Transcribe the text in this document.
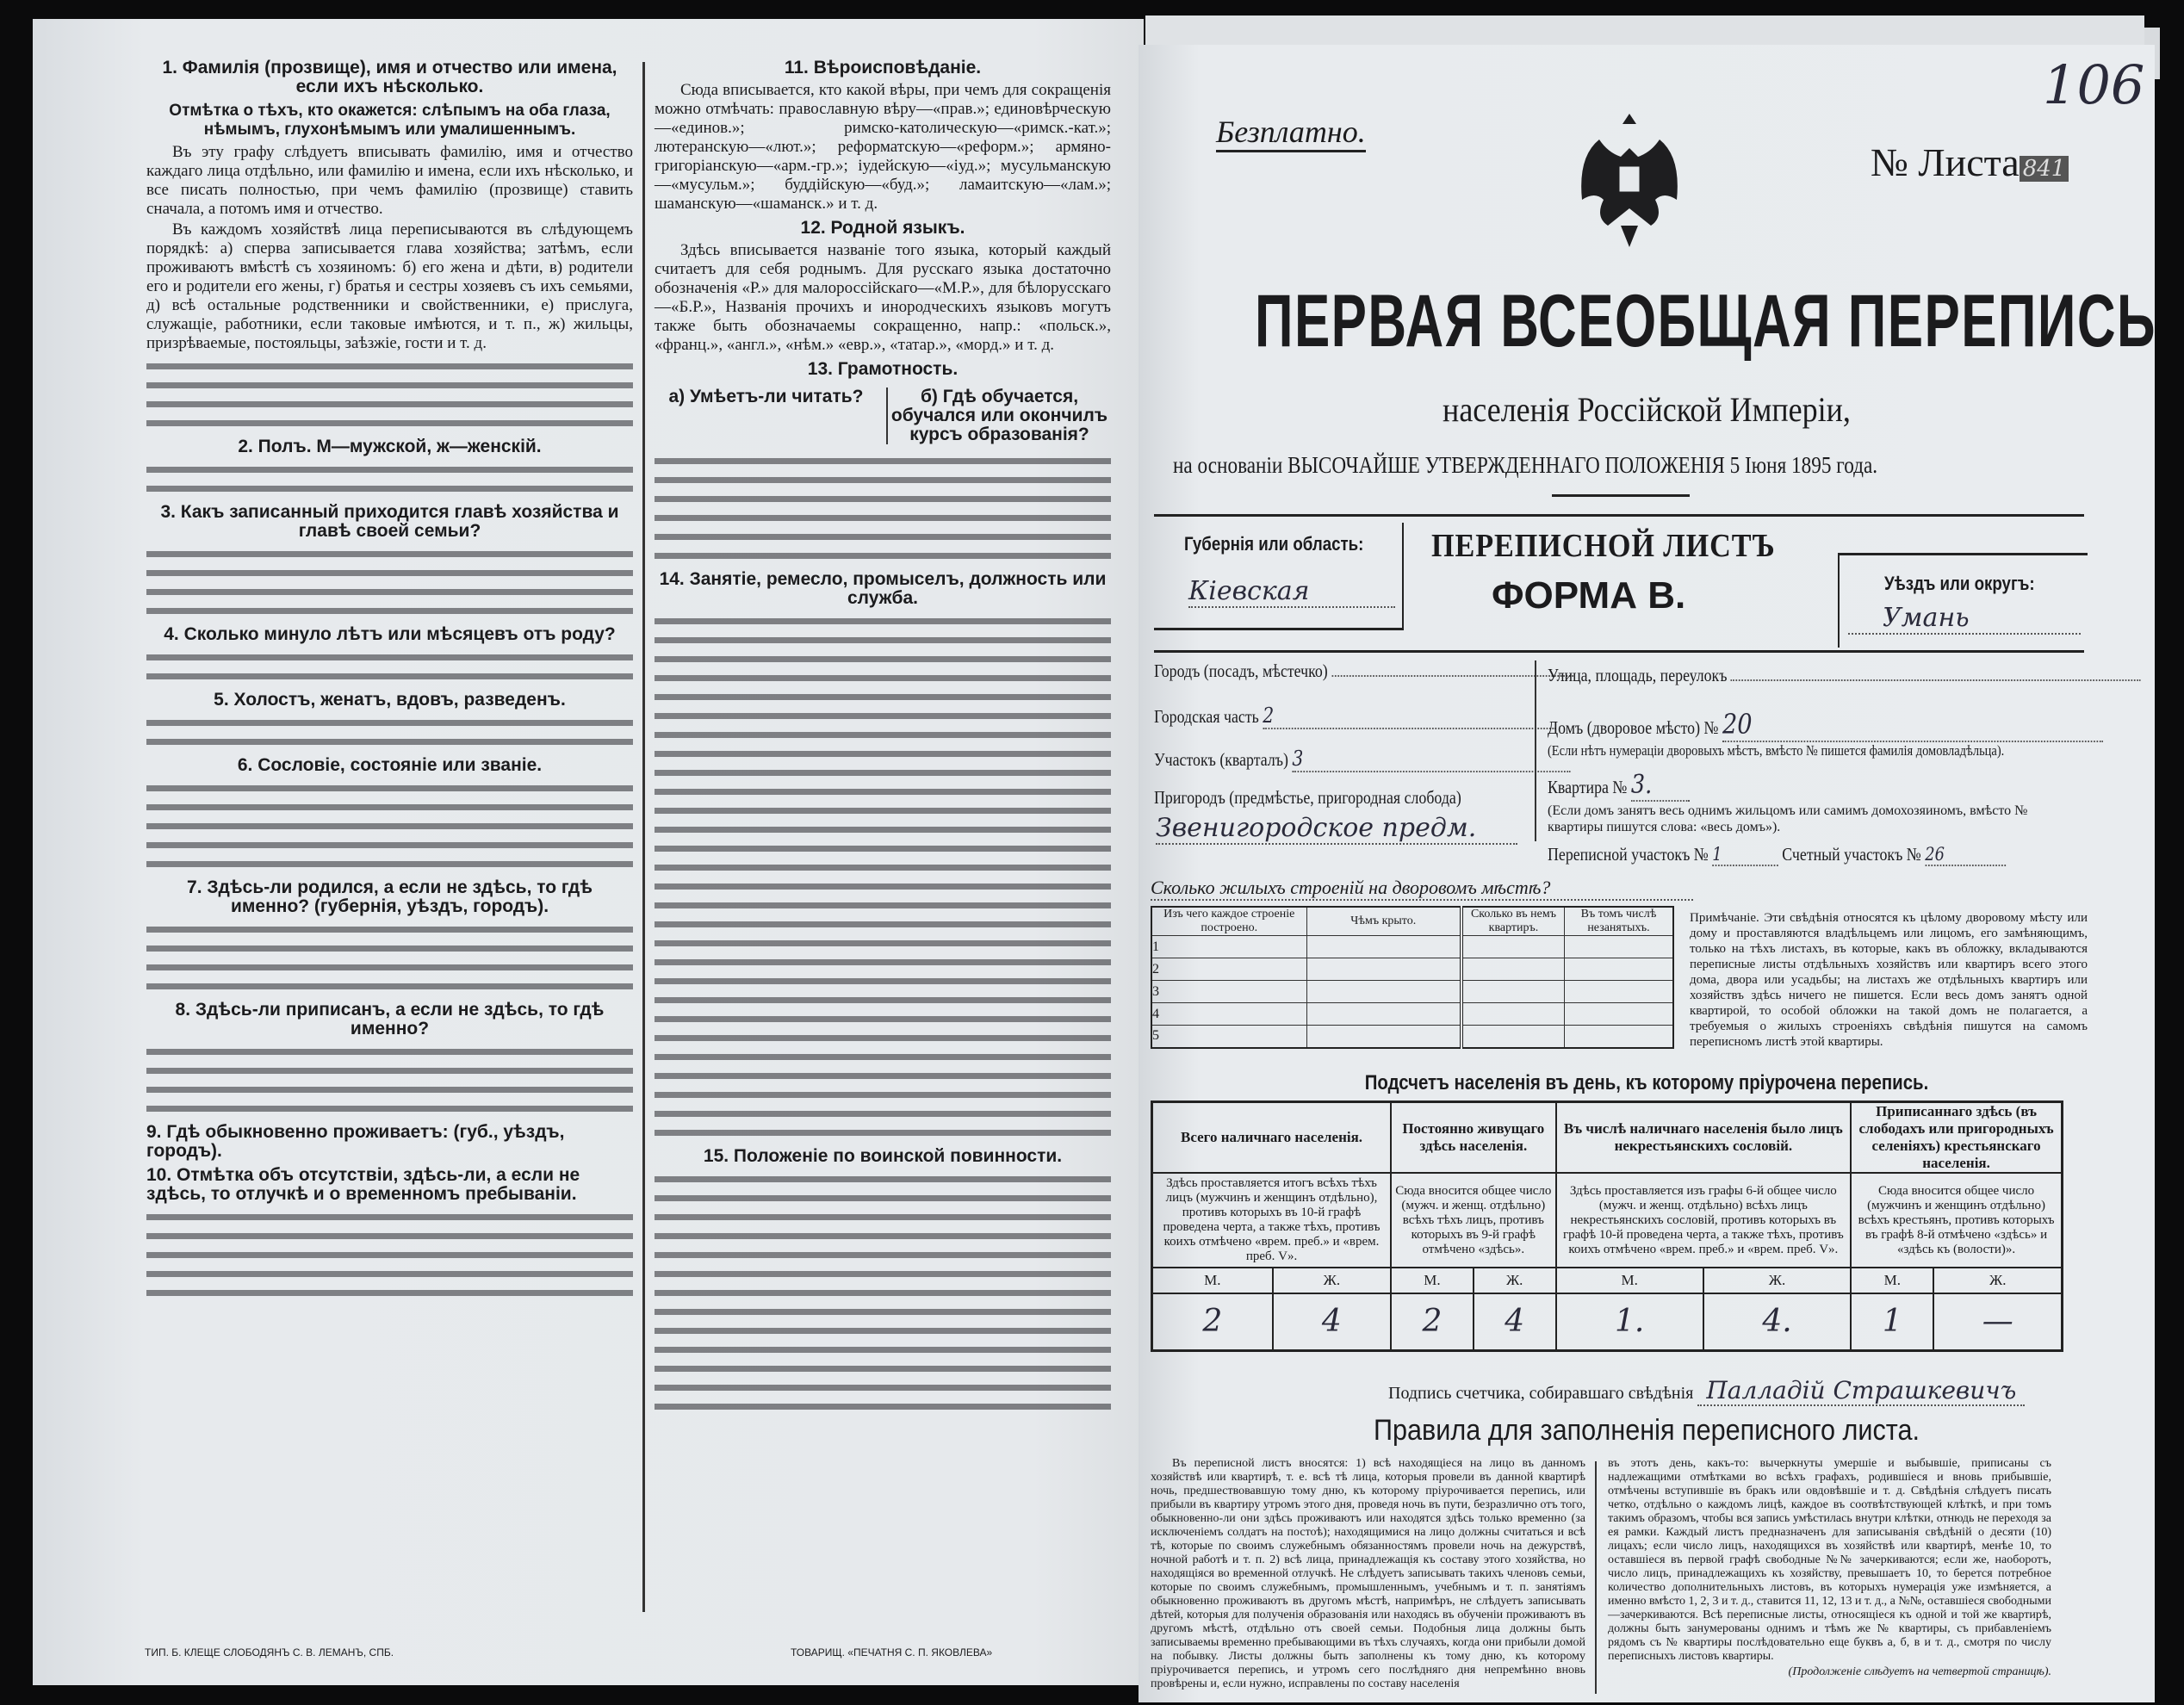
1. Фамилія (прозвище), имя и отчество или имена, если ихъ нѣсколько.
Отмѣтка о тѣхъ, кто окажется: слѣпымъ на оба глаза, нѣмымъ, глухонѣмымъ или умалишеннымъ.

Въ эту графу слѣдуетъ вписывать фамилію, имя и отчество каждаго лица отдѣльно, или фамилію и имена, если ихъ нѣсколько, и все писать полностью, при чемъ фамилію (прозвище) ставить сначала, а потомъ имя и отчество.

Въ каждомъ хозяйствѣ лица переписываются въ слѣдующемъ порядкѣ: а) сперва записывается глава хозяйства; затѣмъ, если проживаютъ вмѣстѣ съ хозяиномъ: б) его жена и дѣти, в) родители его и родители его жены, г) братья и сестры хозяевъ съ ихъ семьями, д) всѣ остальные родственники и свойственники, е) прислуга, служащіе, работники, если таковые имѣются, и т. п., ж) жильцы, призрѣваемые, постояльцы, заѣзжіе, гости и т. д.

2. Полъ. М—мужской, ж—женскій.
3. Какъ записанный приходится главѣ хозяйства и главѣ своей семьи?
4. Сколько минуло лѣтъ или мѣсяцевъ отъ роду?
5. Холостъ, женатъ, вдовъ, разведенъ.
6. Сословіе, состояніе или званіе.
7. Здѣсь-ли родился, а если не здѣсь, то гдѣ именно? (губернія, уѣздъ, городъ).
8. Здѣсь-ли приписанъ, а если не здѣсь, то гдѣ именно?
9. Гдѣ обыкновенно проживаетъ: (губ., уѣздъ, городъ).
10. Отмѣтка объ отсутствіи, здѣсь-ли, а если не здѣсь, то отлучкѣ и о временномъ пребываніи.
11. Вѣроисповѣданіе.

Сюда вписывается, кто какой вѣры, при чемъ для сокращенія можно отмѣчать: православную вѣру—«прав.»; единовѣрческую—«единов.»; римско-католическую—«римск.-кат.»; лютеранскую—«лют.»; реформатскую—«реформ.»; армяно-григоріанскую—«арм.-гр.»; іудейскую—«іуд.»; мусульманскую—«мусульм.»; буддійскую—«буд.»; ламаитскую—«лам.»; шаманскую—«шаманск.» и т. д.

12. Родной языкъ.

Здѣсь вписывается названіе того языка, который каждый считаетъ для себя роднымъ. Для русскаго языка достаточно обозначенія «Р.» для малороссійскаго—«М.Р.», для бѣлорусскаго—«Б.Р.», Названія прочихъ и инородческихъ языковъ могутъ также быть обозначаемы сокращенно, напр.: «польск.», «франц.», «англ.», «нѣм.» «евр.», «татар.», «морд.» и т. д.

13. Грамотность.
а) Умѣетъ-ли читать?	б) Гдѣ обучается, обучался или окончилъ курсъ образованія?
14. Занятіе, ремесло, промыселъ, должность или служба.
15. Положеніе по воинской повинности.
ТИП. Б. КЛЕЩЕ СЛОБОДЯНЪ С. В. ЛЕМАНЪ, СПБ.	ТОВАРИЩ. «ПЕЧАТНЯ С. П. ЯКОВЛЕВА»
106
Безплатно.
№ Листа 841
ПЕРВАЯ ВСЕОБЩАЯ ПЕРЕПИСЬ
населенія Россійской Имперіи,
на основаніи ВЫСОЧАЙШЕ УТВЕРЖДЕННАГО ПОЛОЖЕНІЯ 5 Іюня 1895 года.
Губернія или область:
Кіевская
ПЕРЕПИСНОЙ ЛИСТЪ
ФОРМА В.	Уѣздъ или округъ:
Умань
Городъ (посадъ, мѣстечко)
Городская часть 2
Участокъ (кварталъ) 3
Пригородъ (предмѣстье, пригородная слобода)
Звенигородское предм.
Улица, площадь, переулокъ
Домъ (дворовое мѣсто) № 20
(Если нѣтъ нумераціи дворовыхъ мѣстъ, вмѣсто № пишется фамилія домовладѣльца).
Квартира № 3.
(Если домъ занятъ весь однимъ жильцомъ или самимъ домохозяиномъ, вмѣсто № квартиры пишутся слова: «весь домъ»).
Переписной участокъ № 1	Счетный участокъ № 26
Сколько жилыхъ строеній на дворовомъ мѣстѣ?
Изъ чего каждое строеніе построено.	Чѣмъ крыто.	Сколько въ немъ квартиръ.	Въ томъ числѣ незанятыхъ.
1			
2			
3			
4			
5			
Примѣчаніе. Эти свѣдѣнія относятся къ цѣлому дворовому мѣсту или дому и проставляются владѣльцемъ или лицомъ, его замѣняющимъ, только на тѣхъ листахъ, въ которые, какъ въ обложку, вкладываются переписные листы отдѣльныхъ хозяйствъ или квартиръ всего этого дома, двора или усадьбы; на листахъ же отдѣльныхъ квартиръ или хозяйствъ здѣсь ничего не пишется. Если весь домъ занятъ одной квартирой, то особой обложки на такой домъ не полагается, а требуемыя о жилыхъ строеніяхъ свѣдѣнія пишутся на самомъ переписномъ листѣ этой квартиры.
Подсчетъ населенія въ день, къ которому пріурочена перепись.
Всего наличнаго населенія.		Постоянно живущаго здѣсь населенія.		Въ числѣ наличнаго населенія было лицъ некрестьянскихъ сословій.		Приписаннаго здѣсь (въ слободахъ или пригородныхъ селеніяхъ) крестьянскаго населенія.	
Здѣсь проставляется итогъ всѣхъ тѣхъ лицъ (мужчинъ и женщинъ отдѣльно), противъ которыхъ въ 10-й графѣ проведена черта, а также тѣхъ, противъ коихъ отмѣчено «врем. преб.» и «врем. преб. V».		Сюда вносится общее число (мужч. и женщ. отдѣльно) всѣхъ тѣхъ лицъ, противъ которыхъ въ 9-й графѣ отмѣчено «здѣсь».		Здѣсь проставляется изъ графы 6-й общее число (мужч. и женщ. отдѣльно) всѣхъ лицъ некрестьянскихъ сословій, противъ которыхъ въ графѣ 10-й проведена черта, а также тѣхъ, противъ коихъ отмѣчено «врем. преб.» и «врем. преб. V».		Сюда вносится общее число (мужчинъ и женщинъ отдѣльно) всѣхъ крестьянъ, противъ которыхъ въ графѣ 8-й отмѣчено «здѣсь» и «здѣсь къ (волости)».	
М.	Ж.	М.	Ж.	М.	Ж.	М.	Ж.
2	4	2	4	1.	4.	1	—
Подпись счетчика, собиравшаго свѣдѣнія Палладій Страшкевичъ
Правила для заполненія переписного листа.
Въ переписной листъ вносятся: 1) всѣ находящіеся на лицо въ данномъ хозяйствѣ или квартирѣ, т. е. всѣ тѣ лица, которыя провели въ данной квартирѣ ночь, предшествовавшую тому дню, къ которому пріурочивается перепись, или прибыли въ квартиру утромъ этого дня, проведя ночь въ пути, безразлично отъ того, обыкновенно-ли они здѣсь проживаютъ или находятся здѣсь только временно (за исключеніемъ солдатъ на постоѣ); находящимися на лицо должны считаться и всѣ тѣ, которые по своимъ служебнымъ обязанностямъ провели ночь на дежурствѣ, ночной работѣ и т. п. 2) всѣ лица, принадлежащія къ составу этого хозяйства, но находящіяся во временной отлучкѣ. Не слѣдуетъ записывать такихъ членовъ семьи, которые по своимъ служебнымъ, промышленнымъ, учебнымъ и т. п. занятіямъ обыкновенно проживаютъ въ другомъ мѣстѣ, напримѣръ, не слѣдуетъ записывать дѣтей, которыя для полученія образованія или находясь въ обученіи проживаютъ въ другомъ мѣстѣ, отдѣльно отъ своей семьи. Подобныя лица должны быть записываемы временно пребывающими въ тѣхъ случаяхъ, когда они прибыли домой на побывку. Листы должны быть заполнены къ тому дню, къ которому пріурочивается перепись, и утромъ сего послѣдняго дня непремѣнно вновь провѣрены и, если нужно, исправлены по составу населенія
въ этотъ день, какъ-то: вычеркнуты умершіе и выбывшіе, приписаны съ надлежащими отмѣтками во всѣхъ графахъ, родившіеся и вновь прибывшіе, отмѣчены вступившіе въ бракъ или овдовѣвшіе и т. д. Свѣдѣнія слѣдуетъ писать четко, отдѣльно о каждомъ лицѣ, каждое въ соотвѣтствующей клѣткѣ, и при томъ такимъ образомъ, чтобы вся запись умѣстилась внутри клѣтки, отнюдь не переходя за ея рамки. Каждый листъ предназначенъ для записыванія свѣдѣній о десяти (10) лицахъ; если число лицъ, находящихся въ хозяйствѣ или квартирѣ, менѣе 10, то оставшіеся въ первой графѣ свободные №№ зачеркиваются; если же, наоборотъ, число лицъ, принадлежащихъ къ хозяйству, превышаетъ 10, то берется потребное количество дополнительныхъ листовъ, въ которыхъ нумерація уже измѣняется, а именно вмѣсто 1, 2, 3 и т. д., ставится 11, 12, 13 и т. д., а №№, оставшіеся свободными—зачеркиваются. Всѣ переписные листы, относящіеся къ одной и той же квартирѣ, должны быть занумерованы однимъ и тѣмъ же № квартиры, съ прибавленіемъ рядомъ съ № квартиры послѣдовательно еще буквъ а, б, в и т. д., смотря по числу переписныхъ листовъ квартиры.
(Продолженіе слѣдуетъ на четвертой страницѣ).
